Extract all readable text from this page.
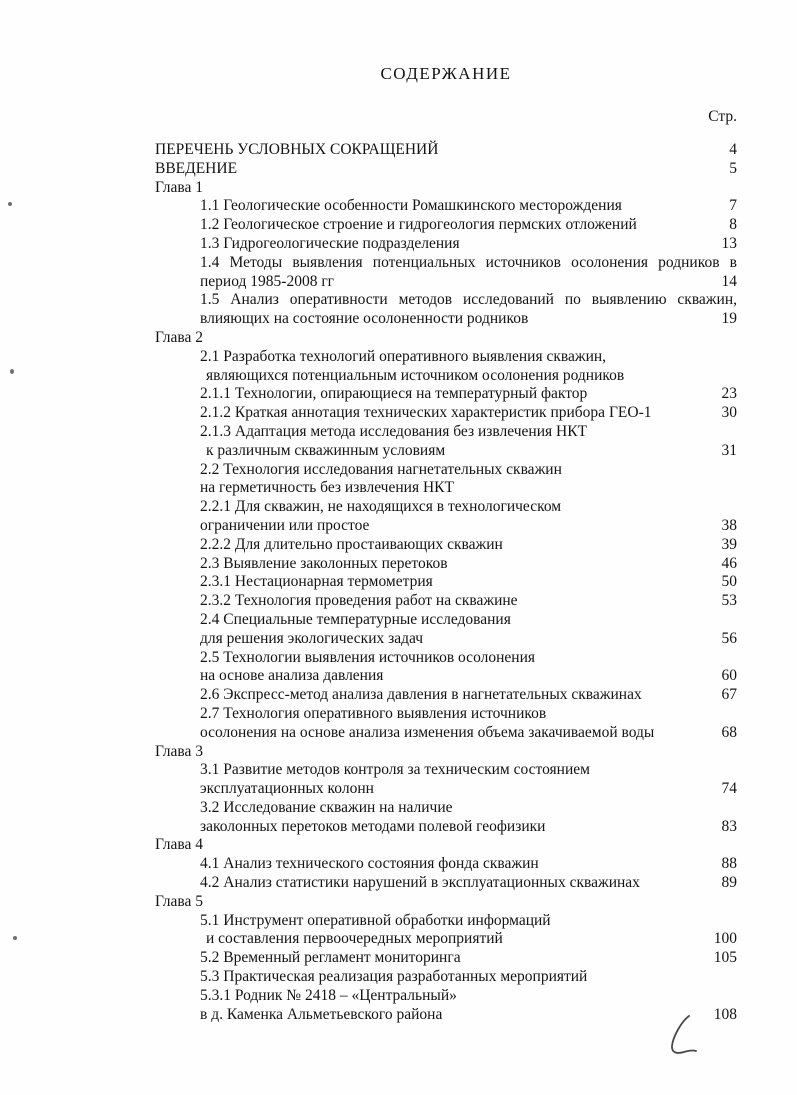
СОДЕРЖАНИЕ
Стр.
ПЕРЕЧЕНЬ УСЛОВНЫХ СОКРАЩЕНИЙ	4
ВВЕДЕНИЕ	5
Глава 1
1.1 Геологические особенности Ромашкинского месторождения	7
1.2 Геологическое строение и гидрогеология пермских отложений	8
1.3 Гидрогеологические подразделения	13
1.4 Методы выявления потенциальных источников осолонения родников в
период 1985-2008 гг	14
1.5 Анализ оперативности методов исследований по выявлению скважин,
влияющих на состояние осолоненности родников	19
Глава 2
2.1 Разработка технологий оперативного выявления скважин,
являющихся потенциальным источником осолонения родников
2.1.1 Технологии, опирающиеся на температурный фактор	23
2.1.2 Краткая аннотация технических характеристик прибора ГЕО-1	30
2.1.3 Адаптация метода исследования без извлечения НКТ
к различным скважинным условиям	31
2.2 Технология исследования нагнетательных скважин
на герметичность без извлечения НКТ
2.2.1 Для скважин, не находящихся в технологическом
ограничении или простое	38
2.2.2 Для длительно простаивающих скважин	39
2.3 Выявление заколонных перетоков	46
2.3.1 Нестационарная термометрия	50
2.3.2 Технология проведения работ на скважине	53
2.4 Специальные температурные исследования
для решения экологических задач	56
2.5 Технологии выявления источников осолонения
на основе анализа давления	60
2.6 Экспресс-метод анализа давления в нагнетательных скважинах	67
2.7 Технология оперативного выявления источников
осолонения на основе анализа изменения объема закачиваемой воды	68
Глава 3
3.1 Развитие методов контроля за техническим состоянием
эксплуатационных колонн	74
3.2 Исследование скважин на наличие
заколонных перетоков методами полевой геофизики	83
Глава 4
4.1 Анализ технического состояния фонда скважин	88
4.2 Анализ статистики нарушений в эксплуатационных скважинах	89
Глава 5
5.1 Инструмент оперативной обработки информаций
и составления первоочередных мероприятий	100
5.2 Временный регламент мониторинга	105
5.3 Практическая реализация разработанных мероприятий
5.3.1 Родник № 2418 – «Центральный»
в д. Каменка Альметьевского района	108
